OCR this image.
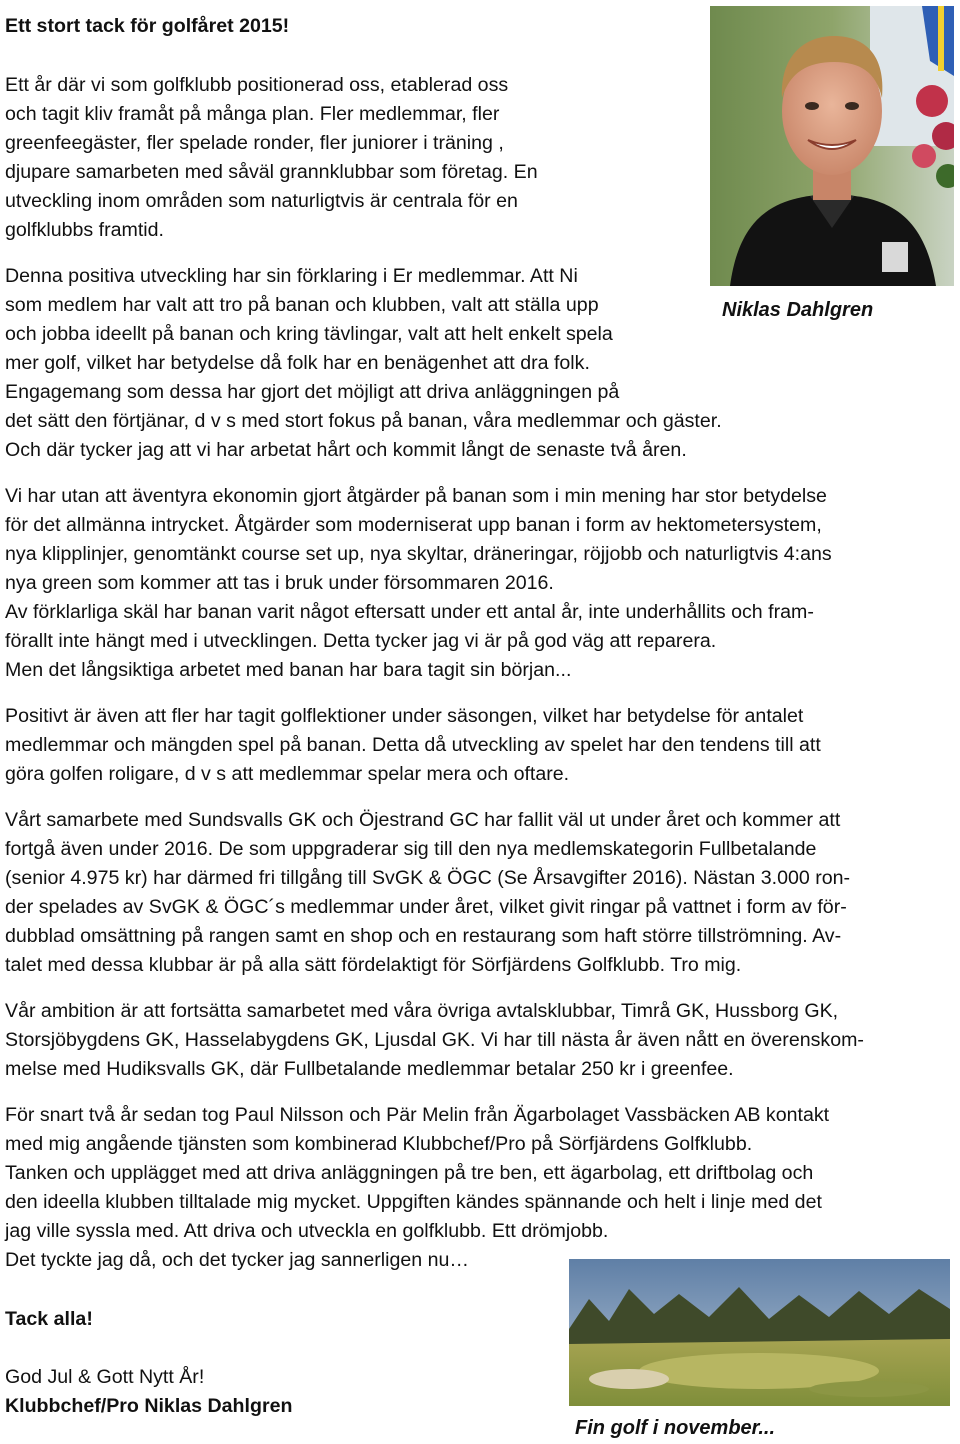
Ett stort tack för golfåret 2015!

Ett år där vi som golfklubb positionerad oss, etablerad oss

och tagit kliv framåt på många plan. Fler medlemmar, fler

greenfeegäster, fler spelade ronder, fler juniorer i träning ,

djupare samarbeten med såväl grannklubbar som företag. En

utveckling inom områden som naturligtvis är centrala för en

golfklubbs framtid.

Denna positiva utveckling har sin förklaring i Er medlemmar. Att Ni

som medlem har valt att tro på banan och klubben, valt att ställa upp

och jobba ideellt på banan och kring tävlingar, valt att helt enkelt spela

mer golf, vilket har betydelse då folk har en benägenhet att dra folk.

Engagemang som dessa har gjort det möjligt att driva anläggningen på

det sätt den förtjänar, d v s med stort fokus på banan, våra medlemmar och gäster.

Och där tycker jag att vi har arbetat hårt och kommit långt de senaste två åren.

Vi har utan att äventyra ekonomin gjort åtgärder på banan som i min mening har stor betydelse

för det allmänna intrycket. Åtgärder som moderniserat upp banan i form av hektometersystem,

nya klipplinjer, genomtänkt course set up, nya skyltar, dräneringar, röjjobb och naturligtvis 4:ans

nya green som kommer att tas i bruk under försommaren 2016.

Av förklarliga skäl har banan varit något eftersatt under ett antal år, inte underhållits och fram-

förallt inte hängt med i utvecklingen. Detta tycker jag vi är på god väg att reparera.

Men det långsiktiga arbetet med banan har bara tagit sin början...

Positivt är även att fler har tagit golflektioner under säsongen, vilket har betydelse för antalet

medlemmar och mängden spel på banan. Detta då utveckling av spelet har den tendens till att

göra golfen roligare, d v s att medlemmar spelar mera och oftare.

Vårt samarbete med Sundsvalls GK och Öjestrand GC har fallit väl ut under året och kommer att

fortgå även under 2016. De som uppgraderar sig till den nya medlemskategorin Fullbetalande

(senior 4.975 kr) har därmed fri tillgång till SvGK & ÖGC (Se Årsavgifter 2016). Nästan 3.000 ron-

der spelades av SvGK & ÖGC´s medlemmar under året, vilket givit ringar på vattnet i form av för-

dubblad omsättning på rangen samt en shop och en restaurang som haft större tillströmning. Av-

talet med dessa klubbar är på alla sätt fördelaktigt för Sörfjärdens Golfklubb. Tro mig.

Vår ambition är att fortsätta samarbetet med våra övriga avtalsklubbar, Timrå GK, Hussborg GK,

Storsjöbygdens GK, Hasselabygdens GK, Ljusdal GK. Vi har till nästa år även nått en överenskom-

melse med Hudiksvalls GK, där Fullbetalande medlemmar betalar 250 kr i greenfee.

För snart två år sedan tog Paul Nilsson och Pär Melin från Ägarbolaget Vassbäcken AB kontakt

med mig angående tjänsten som kombinerad Klubbchef/Pro på Sörfjärdens Golfklubb.

Tanken och upplägget med att driva anläggningen på tre ben, ett ägarbolag, ett driftbolag och

den ideella klubben tilltalade mig mycket. Uppgiften kändes spännande och helt i linje med det

jag ville syssla med. Att driva och utveckla en golfklubb. Ett drömjobb.

Det tyckte jag då, och det tycker jag sannerligen nu…

Tack alla!

God Jul & Gott Nytt År!

Klubbchef/Pro Niklas Dahlgren

Niklas Dahlgren
Fin golf i november...
